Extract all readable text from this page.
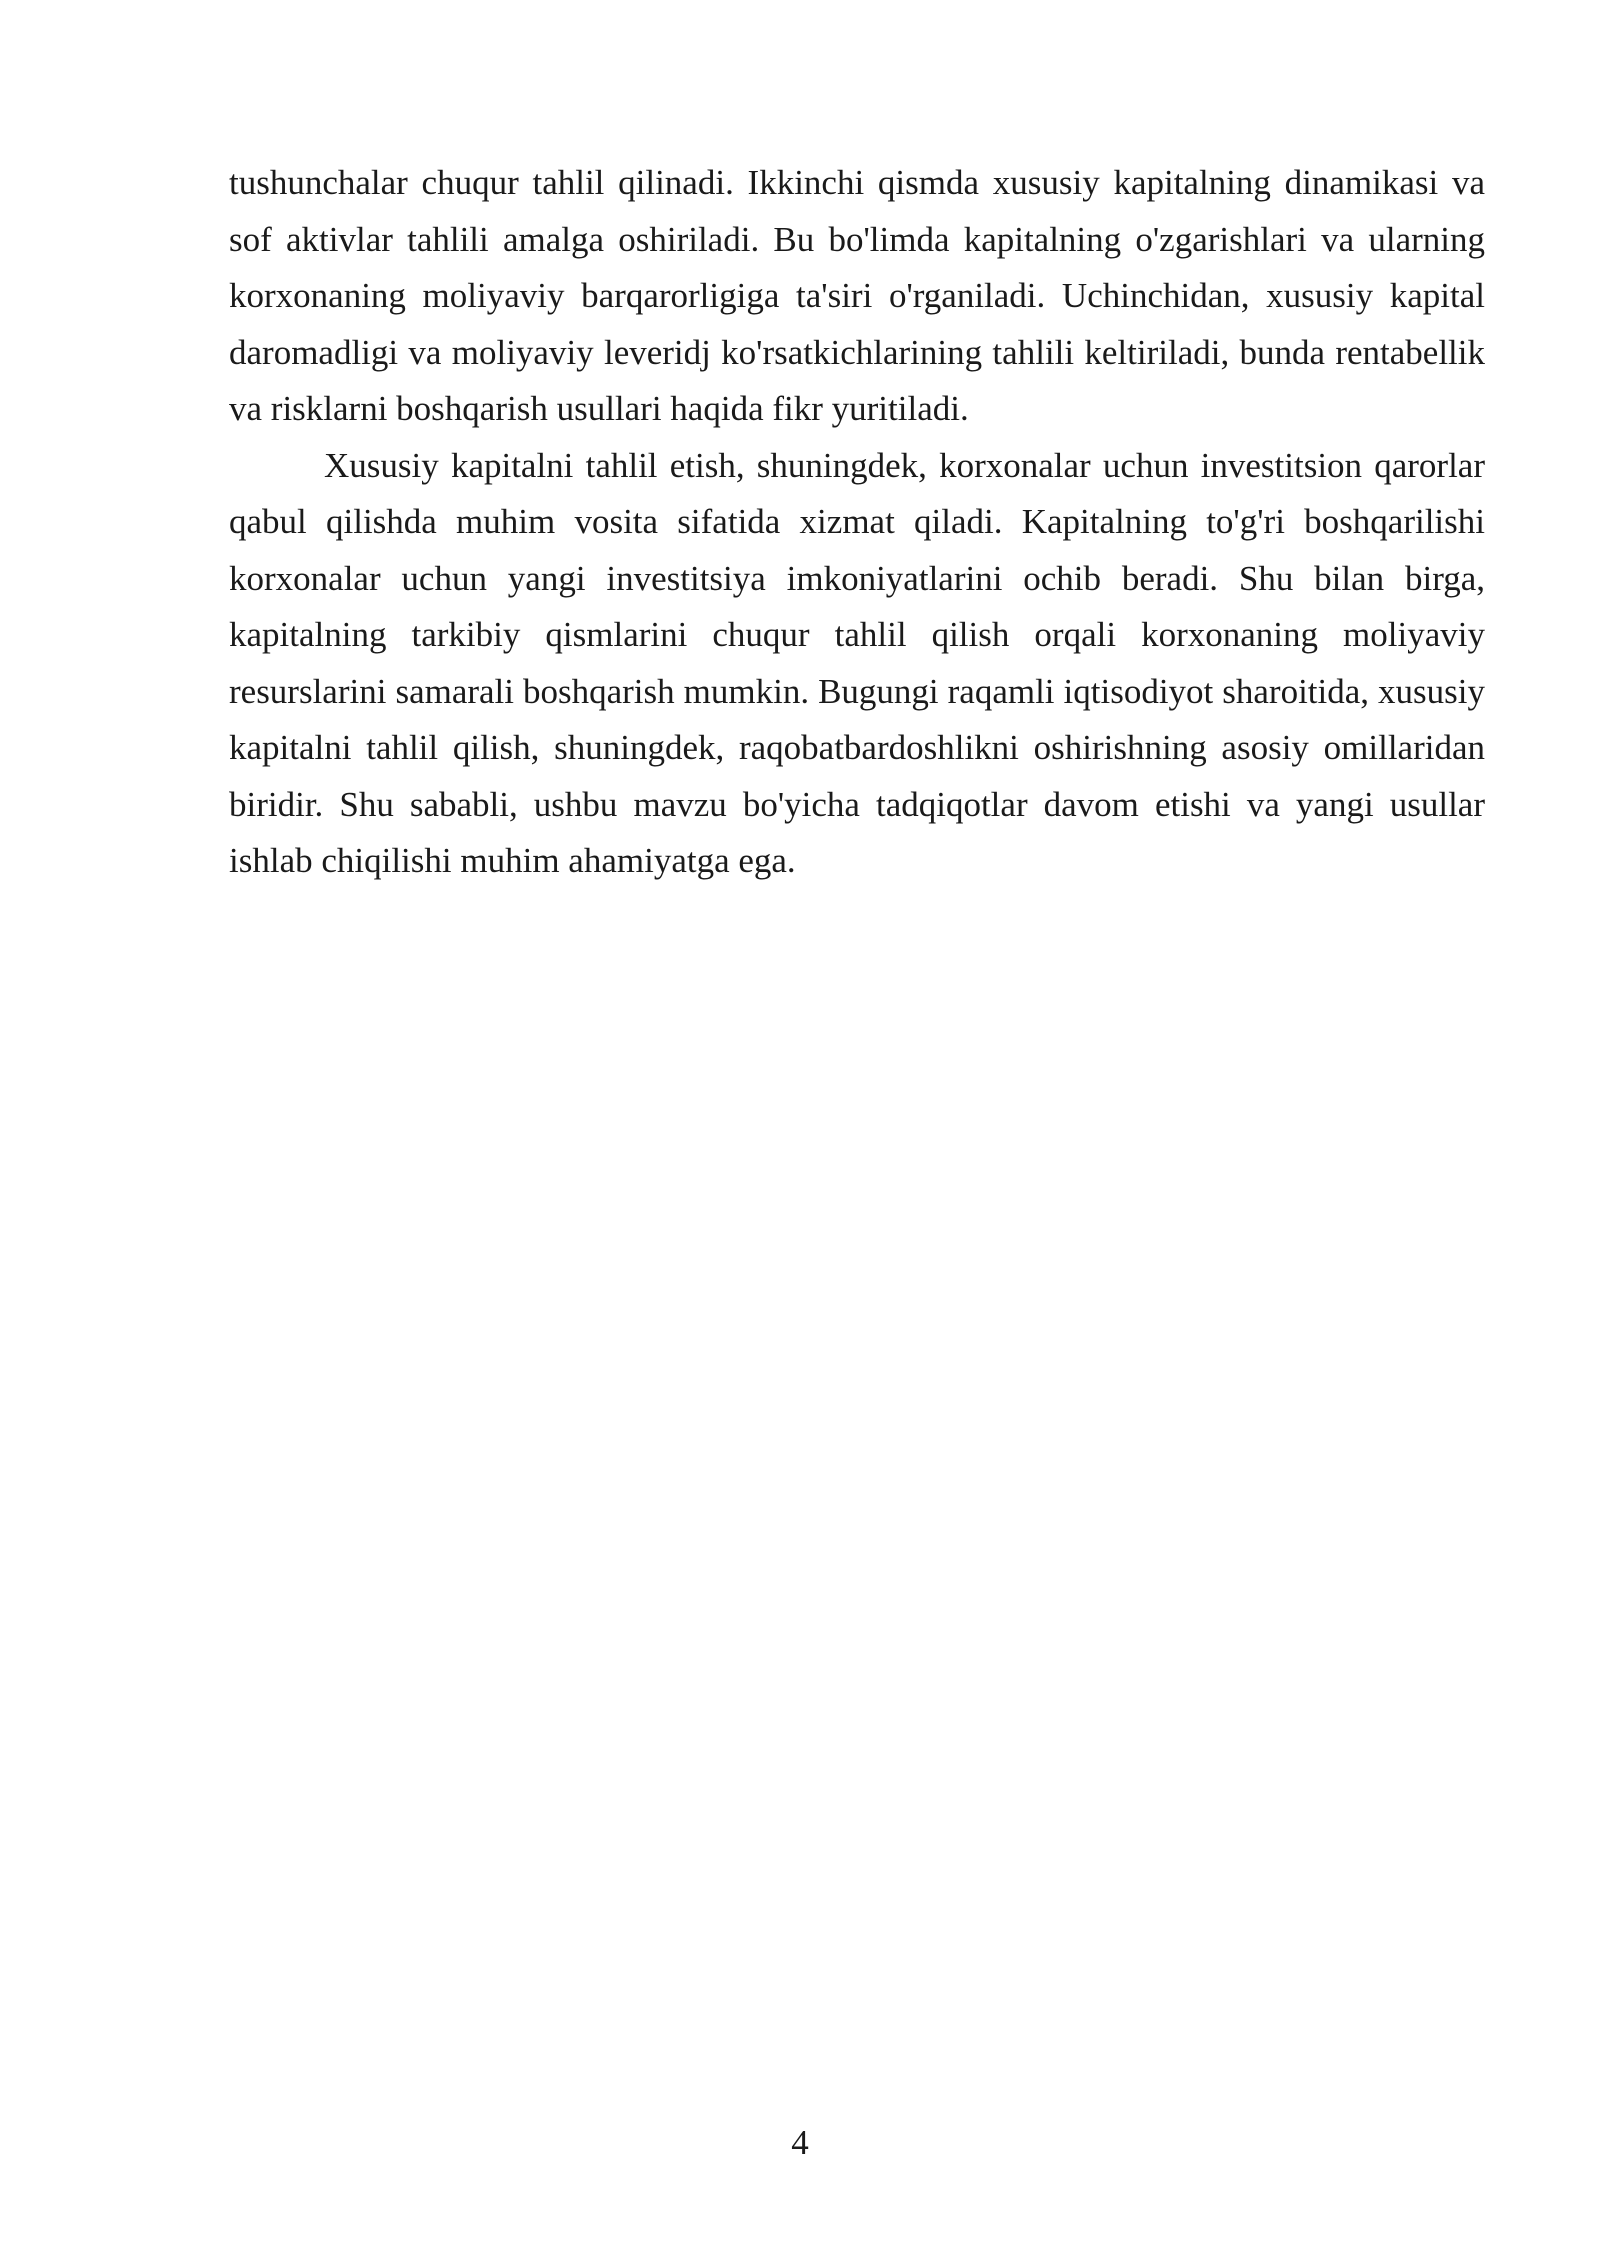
tushunchalar chuqur tahlil qilinadi. Ikkinchi qismda xususiy kapitalning dinamikasi va sof aktivlar tahlili amalga oshiriladi. Bu bo'limda kapitalning o'zgarishlari va ularning korxonaning moliyaviy barqarorligiga ta'siri o'rganiladi. Uchinchidan, xususiy kapital daromadligi va moliyaviy leveridj ko'rsatkichlarining tahlili keltiriladi, bunda rentabellik va risklarni boshqarish usullari haqida fikr yuritiladi.

Xususiy kapitalni tahlil etish, shuningdek, korxonalar uchun investitsion qarorlar qabul qilishda muhim vosita sifatida xizmat qiladi. Kapitalning to'g'ri boshqarilishi korxonalar uchun yangi investitsiya imkoniyatlarini ochib beradi. Shu bilan birga, kapitalning tarkibiy qismlarini chuqur tahlil qilish orqali korxonaning moliyaviy resurslarini samarali boshqarish mumkin. Bugungi raqamli iqtisodiyot sharoitida, xususiy kapitalni tahlil qilish, shuningdek, raqobatbardoshlikni oshirishning asosiy omillaridan biridir. Shu sababli, ushbu mavzu bo'yicha tadqiqotlar davom etishi va yangi usullar ishlab chiqilishi muhim ahamiyatga ega.

4
